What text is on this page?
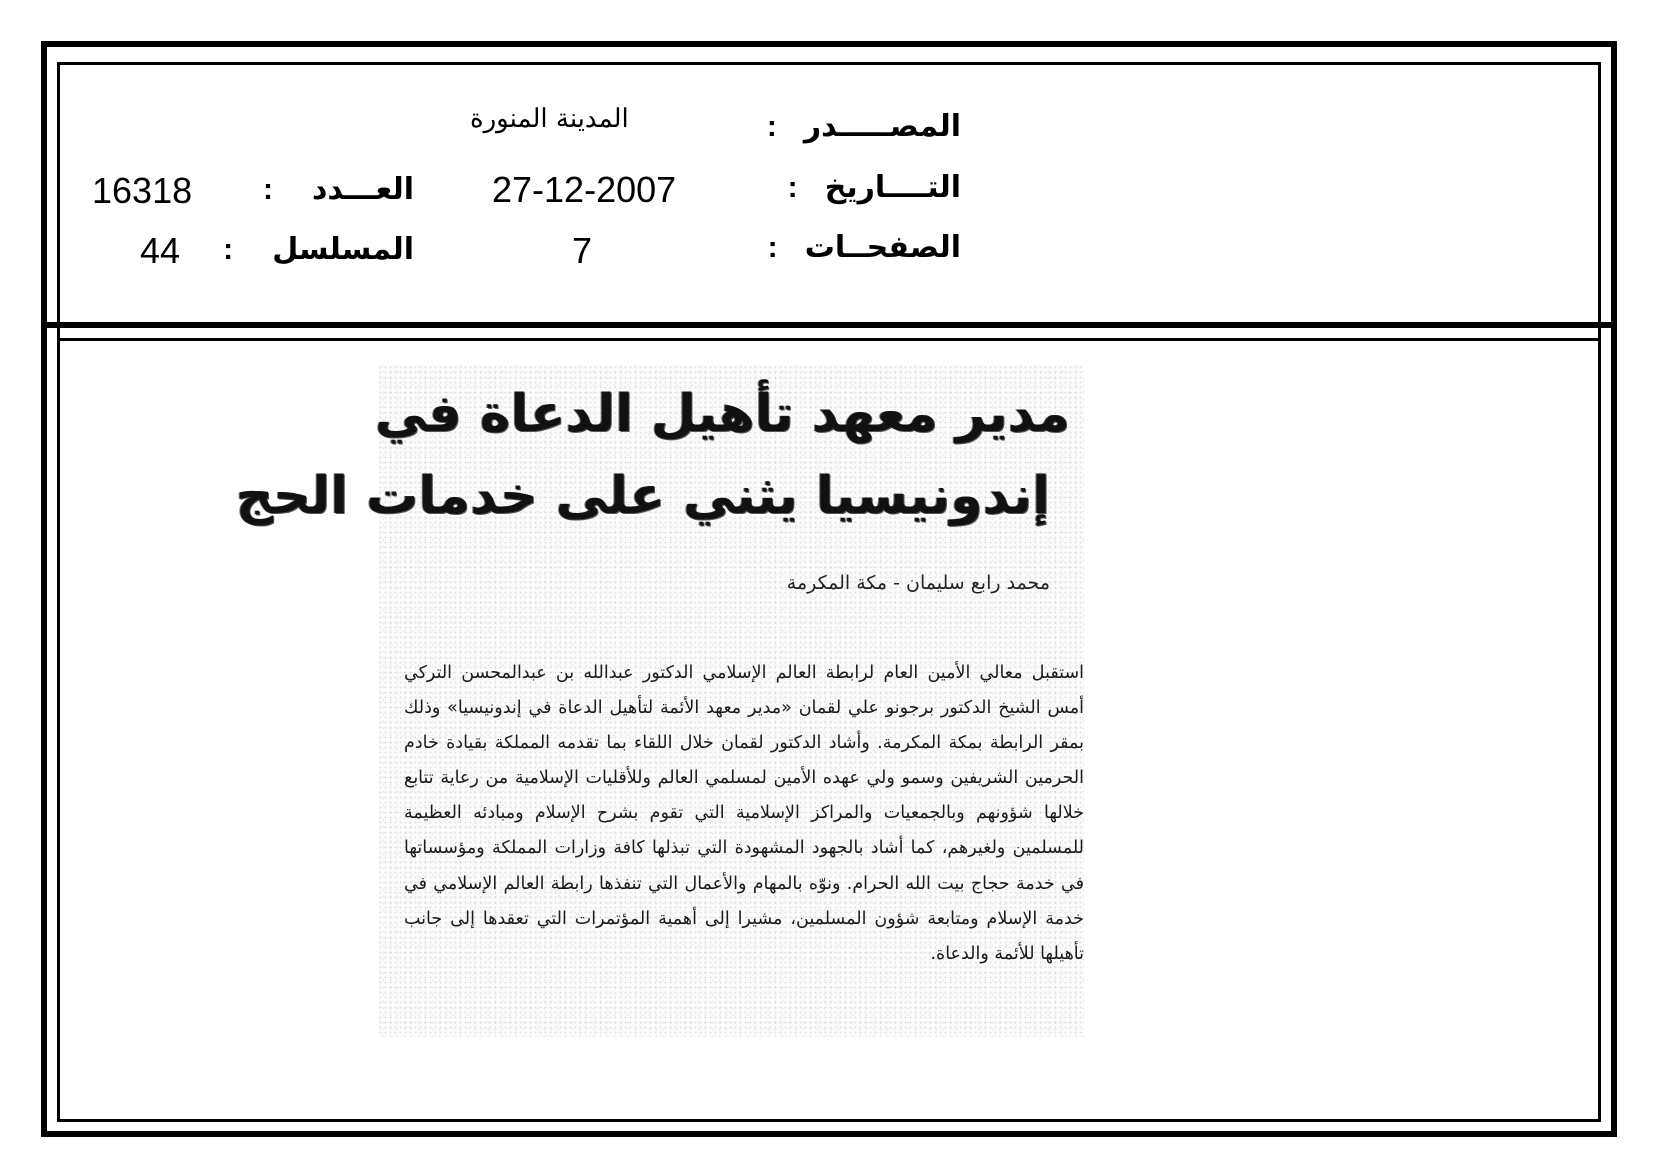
المصـــــدر :
التــــاريخ :
الصفحــات :
المدينة المنورة
27-12-2007
7
العـــدد :
المسلسل :
16318
44
مدير معهد تأهيل الدعاة في
إندونيسيا يثني على خدمات الحج
محمد رابع سليمان - مكة المكرمة

استقبل معالي الأمين العام لرابطة العالم الإسلامي الدكتور عبدالله بن عبدالمحسن التركي أمس الشيخ الدكتور برجونو علي لقمان «مدير معهد الأئمة لتأهيل الدعاة في إندونيسيا» وذلك بمقر الرابطة بمكة المكرمة. وأشاد الدكتور لقمان خلال اللقاء بما تقدمه المملكة بقيادة خادم الحرمين الشريفين وسمو ولي عهده الأمين لمسلمي العالم وللأقليات الإسلامية من رعاية تتابع خلالها شؤونهم وبالجمعيات والمراكز الإسلامية التي تقوم بشرح الإسلام ومبادئه العظيمة للمسلمين ولغيرهم، كما أشاد بالجهود المشهودة التي تبذلها كافة وزارات المملكة ومؤسساتها في خدمة حجاج بيت الله الحرام. ونوّه بالمهام والأعمال التي تنفذها رابطة العالم الإسلامي في خدمة الإسلام ومتابعة شؤون المسلمين، مشيرا إلى أهمية المؤتمرات التي تعقدها إلى جانب تأهيلها للأئمة والدعاة.
